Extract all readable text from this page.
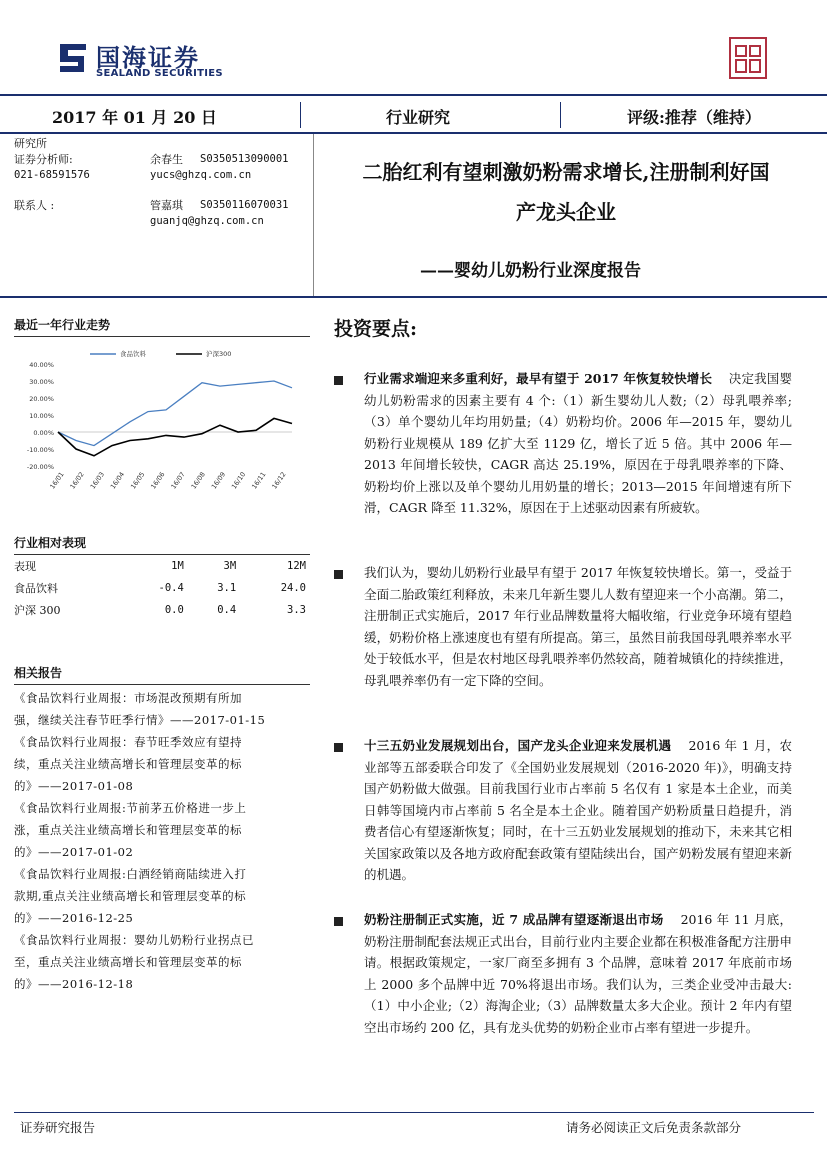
国海证券
SEALAND SECURITIES
2017 年 01 月 20 日	行业研究	评级:推荐（维持）
研究所
证券分析师:	余春生 S0350513090001
021-68591576	yucs@ghzq.com.cn
联系人 :	管嘉琪 S0350116070031
guanjq@ghzq.com.cn
二胎红利有望刺激奶粉需求增长,注册制利好国
产龙头企业
——婴幼儿奶粉行业深度报告
最近一年行业走势
40.00%
30.00%
20.00%
10.00%
0.00%
-10.00%
-20.00%
16/01 16/02 16/03 16/04 16/05 16/06 16/07 16/08 16/09 16/10 16/11 16/12
食品饮料	沪深300
行业相对表现
表现	1M	3M	12M
食品饮料	-0.4	3.1	24.0
沪深 300	0.0	0.4	3.3
相关报告

《食品饮料行业周报：市场混改预期有所加

强，继续关注春节旺季行情》——2017-01-15

《食品饮料行业周报：春节旺季效应有望持

续，重点关注业绩高增长和管理层变革的标

的》——2017-01-08

《食品饮料行业周报:节前茅五价格进一步上

涨，重点关注业绩高增长和管理层变革的标

的》——2017-01-02

《食品饮料行业周报:白酒经销商陆续进入打

款期,重点关注业绩高增长和管理层变革的标

的》——2016-12-25

《食品饮料行业周报：婴幼儿奶粉行业拐点已

至，重点关注业绩高增长和管理层变革的标

的》——2016-12-18

投资要点:
行业需求端迎来多重利好，最早有望于 2017 年恢复较快增长 决定我国婴幼儿奶粉需求的因素主要有 4 个:（1）新生婴幼儿人数;（2）母乳喂养率;（3）单个婴幼儿年均用奶量;（4）奶粉均价。2006 年—2015 年，婴幼儿奶粉行业规模从 189 亿扩大至 1129 亿，增长了近 5 倍。其中 2006 年—2013 年间增长较快，CAGR 高达 25.19%，原因在于母乳喂养率的下降、奶粉均价上涨以及单个婴幼儿用奶量的增长；2013—2015 年间增速有所下滑，CAGR 降至 11.32%，原因在于上述驱动因素有所疲软。
我们认为，婴幼儿奶粉行业最早有望于 2017 年恢复较快增长。第一，受益于全面二胎政策红利释放，未来几年新生婴儿人数有望迎来一个小高潮。第二，注册制正式实施后，2017 年行业品牌数量将大幅收缩，行业竞争环境有望趋缓，奶粉价格上涨速度也有望有所提高。第三，虽然目前我国母乳喂养率水平处于较低水平，但是农村地区母乳喂养率仍然较高，随着城镇化的持续推进，母乳喂养率仍有一定下降的空间。
十三五奶业发展规划出台，国产龙头企业迎来发展机遇 2016 年 1 月，农业部等五部委联合印发了《全国奶业发展规划（2016-2020 年)》，明确支持国产奶粉做大做强。目前我国行业市占率前 5 名仅有 1 家是本土企业，而美日韩等国境内市占率前 5 名全是本土企业。随着国产奶粉质量日趋提升，消费者信心有望逐渐恢复；同时，在十三五奶业发展规划的推动下，未来其它相关国家政策以及各地方政府配套政策有望陆续出台，国产奶粉发展有望迎来新的机遇。
奶粉注册制正式实施，近 7 成品牌有望逐渐退出市场 2016 年 11 月底，奶粉注册制配套法规正式出台，目前行业内主要企业都在积极准备配方注册申请。根据政策规定，一家厂商至多拥有 3 个品牌，意味着 2017 年底前市场上 2000 多个品牌中近 70%将退出市场。我们认为，三类企业受冲击最大:（1）中小企业;（2）海淘企业;（3）品牌数量太多大企业。预计 2 年内有望空出市场约 200 亿，具有龙头优势的奶粉企业市占率有望进一步提升。
证券研究报告	请务必阅读正文后免责条款部分
